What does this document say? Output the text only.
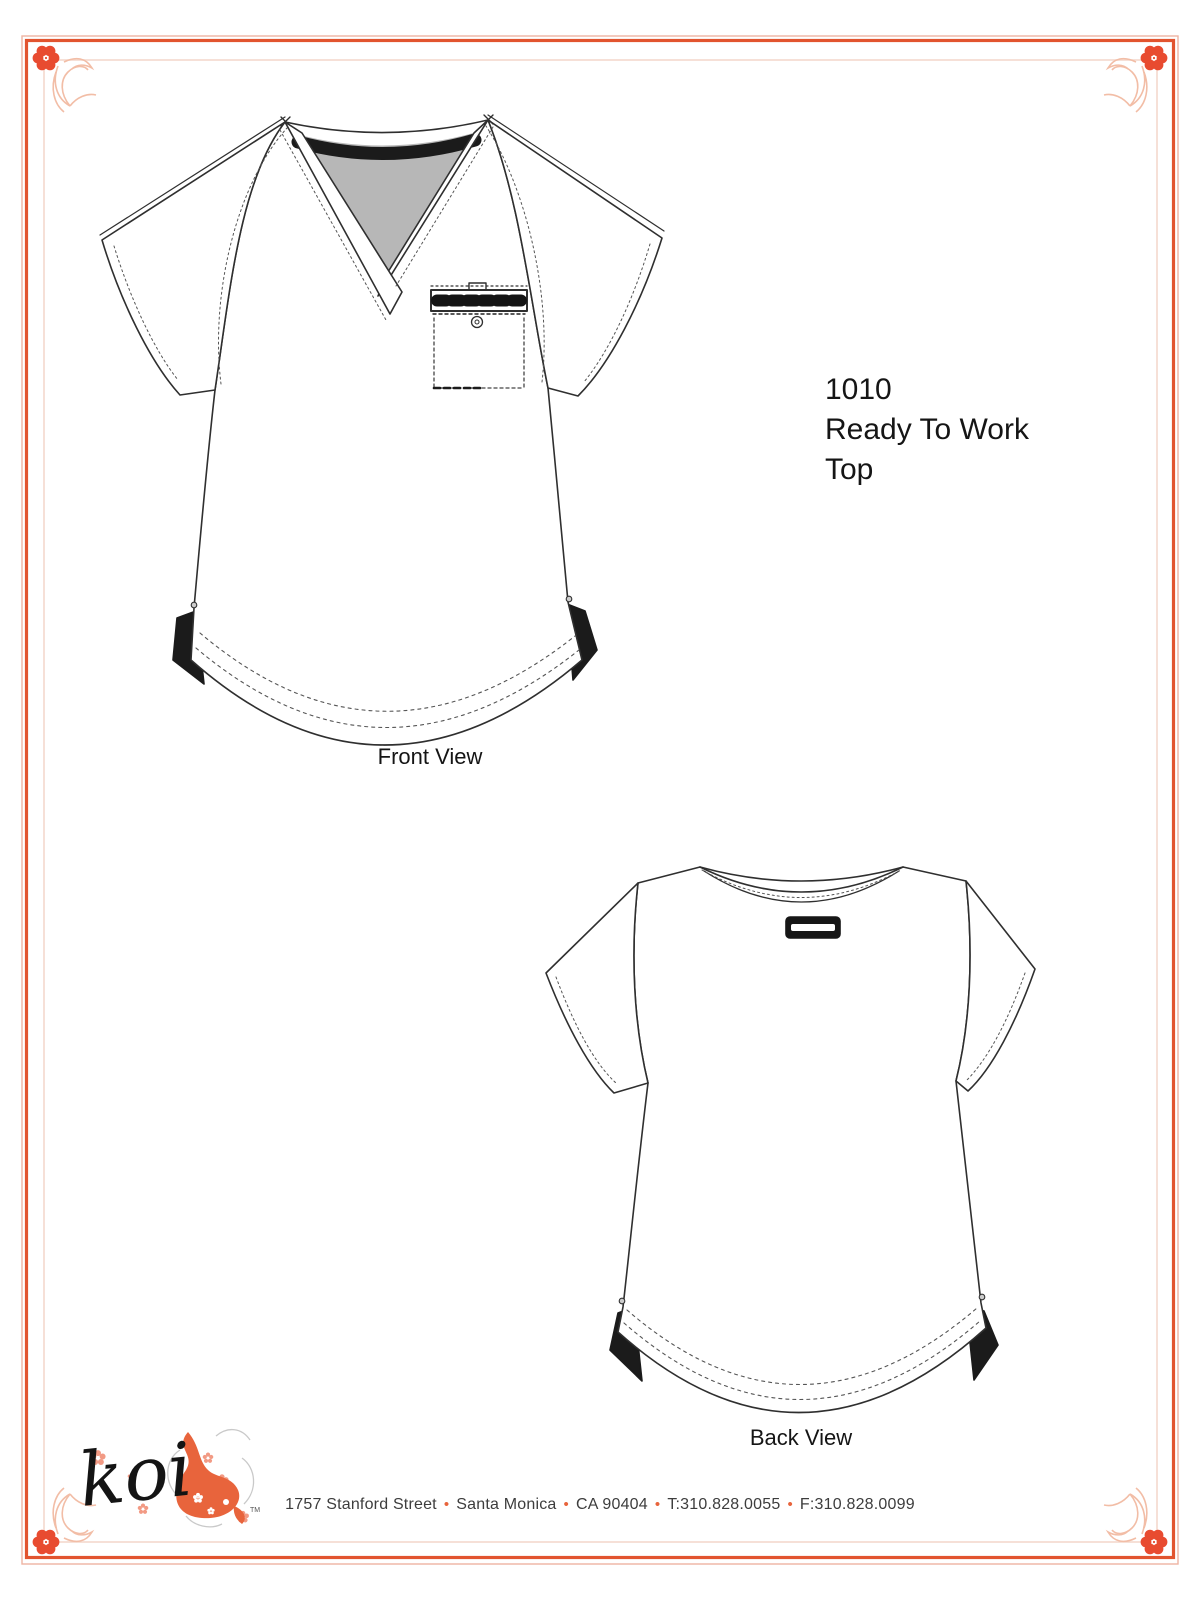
1010
Ready To Work
Top
Front View
Back View
koi	TM	1757 Stanford Street • Santa Monica • CA 90404 • T:310.828.0055 • F:310.828.0099
